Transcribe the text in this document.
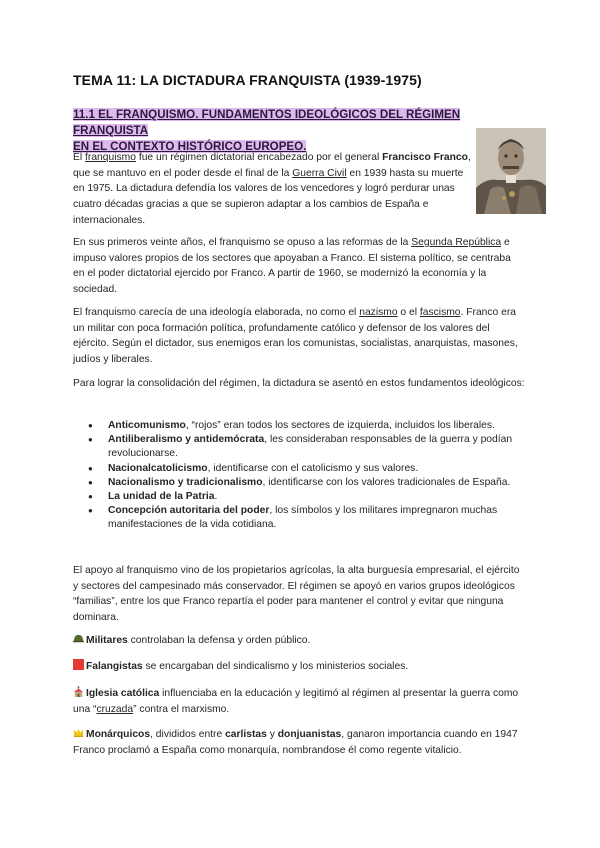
TEMA 11: LA DICTADURA FRANQUISTA (1939-1975)
11.1 EL FRANQUISMO. FUNDAMENTOS IDEOLÓGICOS DEL RÉGIMEN FRANQUISTA
EN EL CONTEXTO HISTÓRICO EUROPEO.

El franquismo fue un régimen dictatorial encabezado por el general Francisco Franco, que se mantuvo en el poder desde el final de la Guerra Civil en 1939 hasta su muerte en 1975. La dictadura defendía los valores de los vencedores y logró perdurar unas cuatro décadas gracias a que se supieron adaptar a los cambios de España e internacionales.

En sus primeros veinte años, el franquismo se opuso a las reformas de la Segunda República e impuso valores propios de los sectores que apoyaban a Franco. El sistema político, se centraba en el poder dictatorial ejercido por Franco. A partir de 1960, se modernizó la economía y la sociedad.

El franquismo carecía de una ideología elaborada, no como el nazismo o el fascismo. Franco era un militar con poca formación política, profundamente católico y defensor de los valores del ejército. Según el dictador, sus enemigos eran los comunistas, socialistas, anarquistas, masones, judíos y liberales.

Para lograr la consolidación del régimen, la dictadura se asentó en estos fundamentos ideológicos:

● Anticomunismo, “rojos” eran todos los sectores de izquierda, incluidos los liberales.
● Antiliberalismo y antidemócrata, les consideraban responsables de la guerra y podían revolucionarse.
● Nacionalcatolicismo, identificarse con el catolicismo y sus valores.
● Nacionalismo y tradicionalismo, identificarse con los valores tradicionales de España.
● La unidad de la Patria.
● Concepción autoritaria del poder, los símbolos y los militares impregnaron muchas manifestaciones de la vida cotidiana.

El apoyo al franquismo vino de los propietarios agrícolas, la alta burguesía empresarial, el ejército y sectores del campesinado más conservador. El régimen se apoyó en varios grupos ideológicos “familias”, entre los que Franco repartía el poder para mantener el control y evitar que ninguna dominara.

Militares controlaban la defensa y orden público.

Falangistas se encargaban del sindicalismo y los ministerios sociales.

Iglesia católica influenciaba en la educación y legitimó al régimen al presentar la guerra como una “cruzada” contra el marxismo.

Monárquicos, divididos entre carlistas y donjuanistas, ganaron importancia cuando en 1947 Franco proclamó a España como monarquía, nombrandose él como regente vitalicio.
